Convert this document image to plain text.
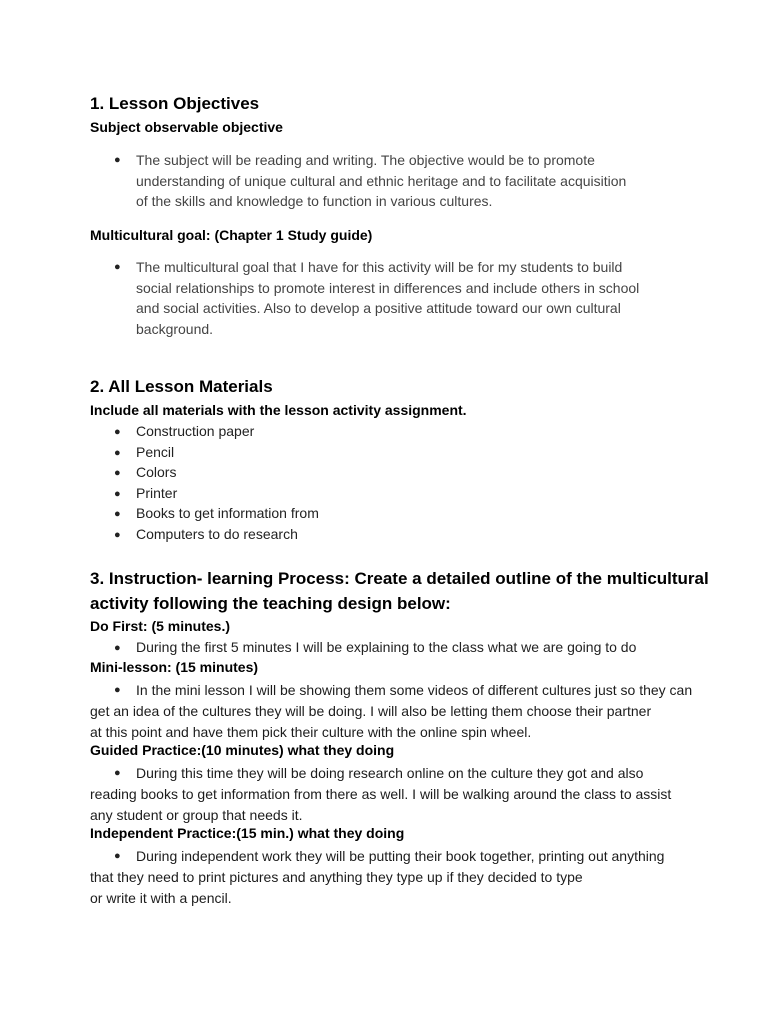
1. Lesson Objectives
Subject observable objective
● The subject will be reading and writing. The objective would be to promote
understanding of unique cultural and ethnic heritage and to facilitate acquisition
of the skills and knowledge to function in various cultures.
Multicultural goal: (Chapter 1 Study guide)
● The multicultural goal that I have for this activity will be for my students to build
social relationships to promote interest in differences and include others in school
and social activities. Also to develop a positive attitude toward our own cultural
background.
2. All Lesson Materials
Include all materials with the lesson activity assignment.
● Construction paper
● Pencil
● Colors
● Printer
● Books to get information from
● Computers to do research
3. Instruction- learning Process: Create a detailed outline of the multicultural
activity following the teaching design below:
Do First: (5 minutes.)
● During the first 5 minutes I will be explaining to the class what we are going to do
Mini-lesson: (15 minutes)
●	In the mini lesson I will be showing them some videos of different cultures just so they can
get an idea of the cultures they will be doing. I will also be letting them choose their partner
at this point and have them pick their culture with the online spin wheel.
Guided Practice:(10 minutes) what they doing
●	During this time they will be doing research online on the culture they got and also
reading books to get information from there as well. I will be walking around the class to assist
any student or group that needs it.
Independent Practice:(15 min.) what they doing
●	During independent work they will be putting their book together, printing out anything
that they need to print pictures and anything they type up if they decided to type
or write it with a pencil.
